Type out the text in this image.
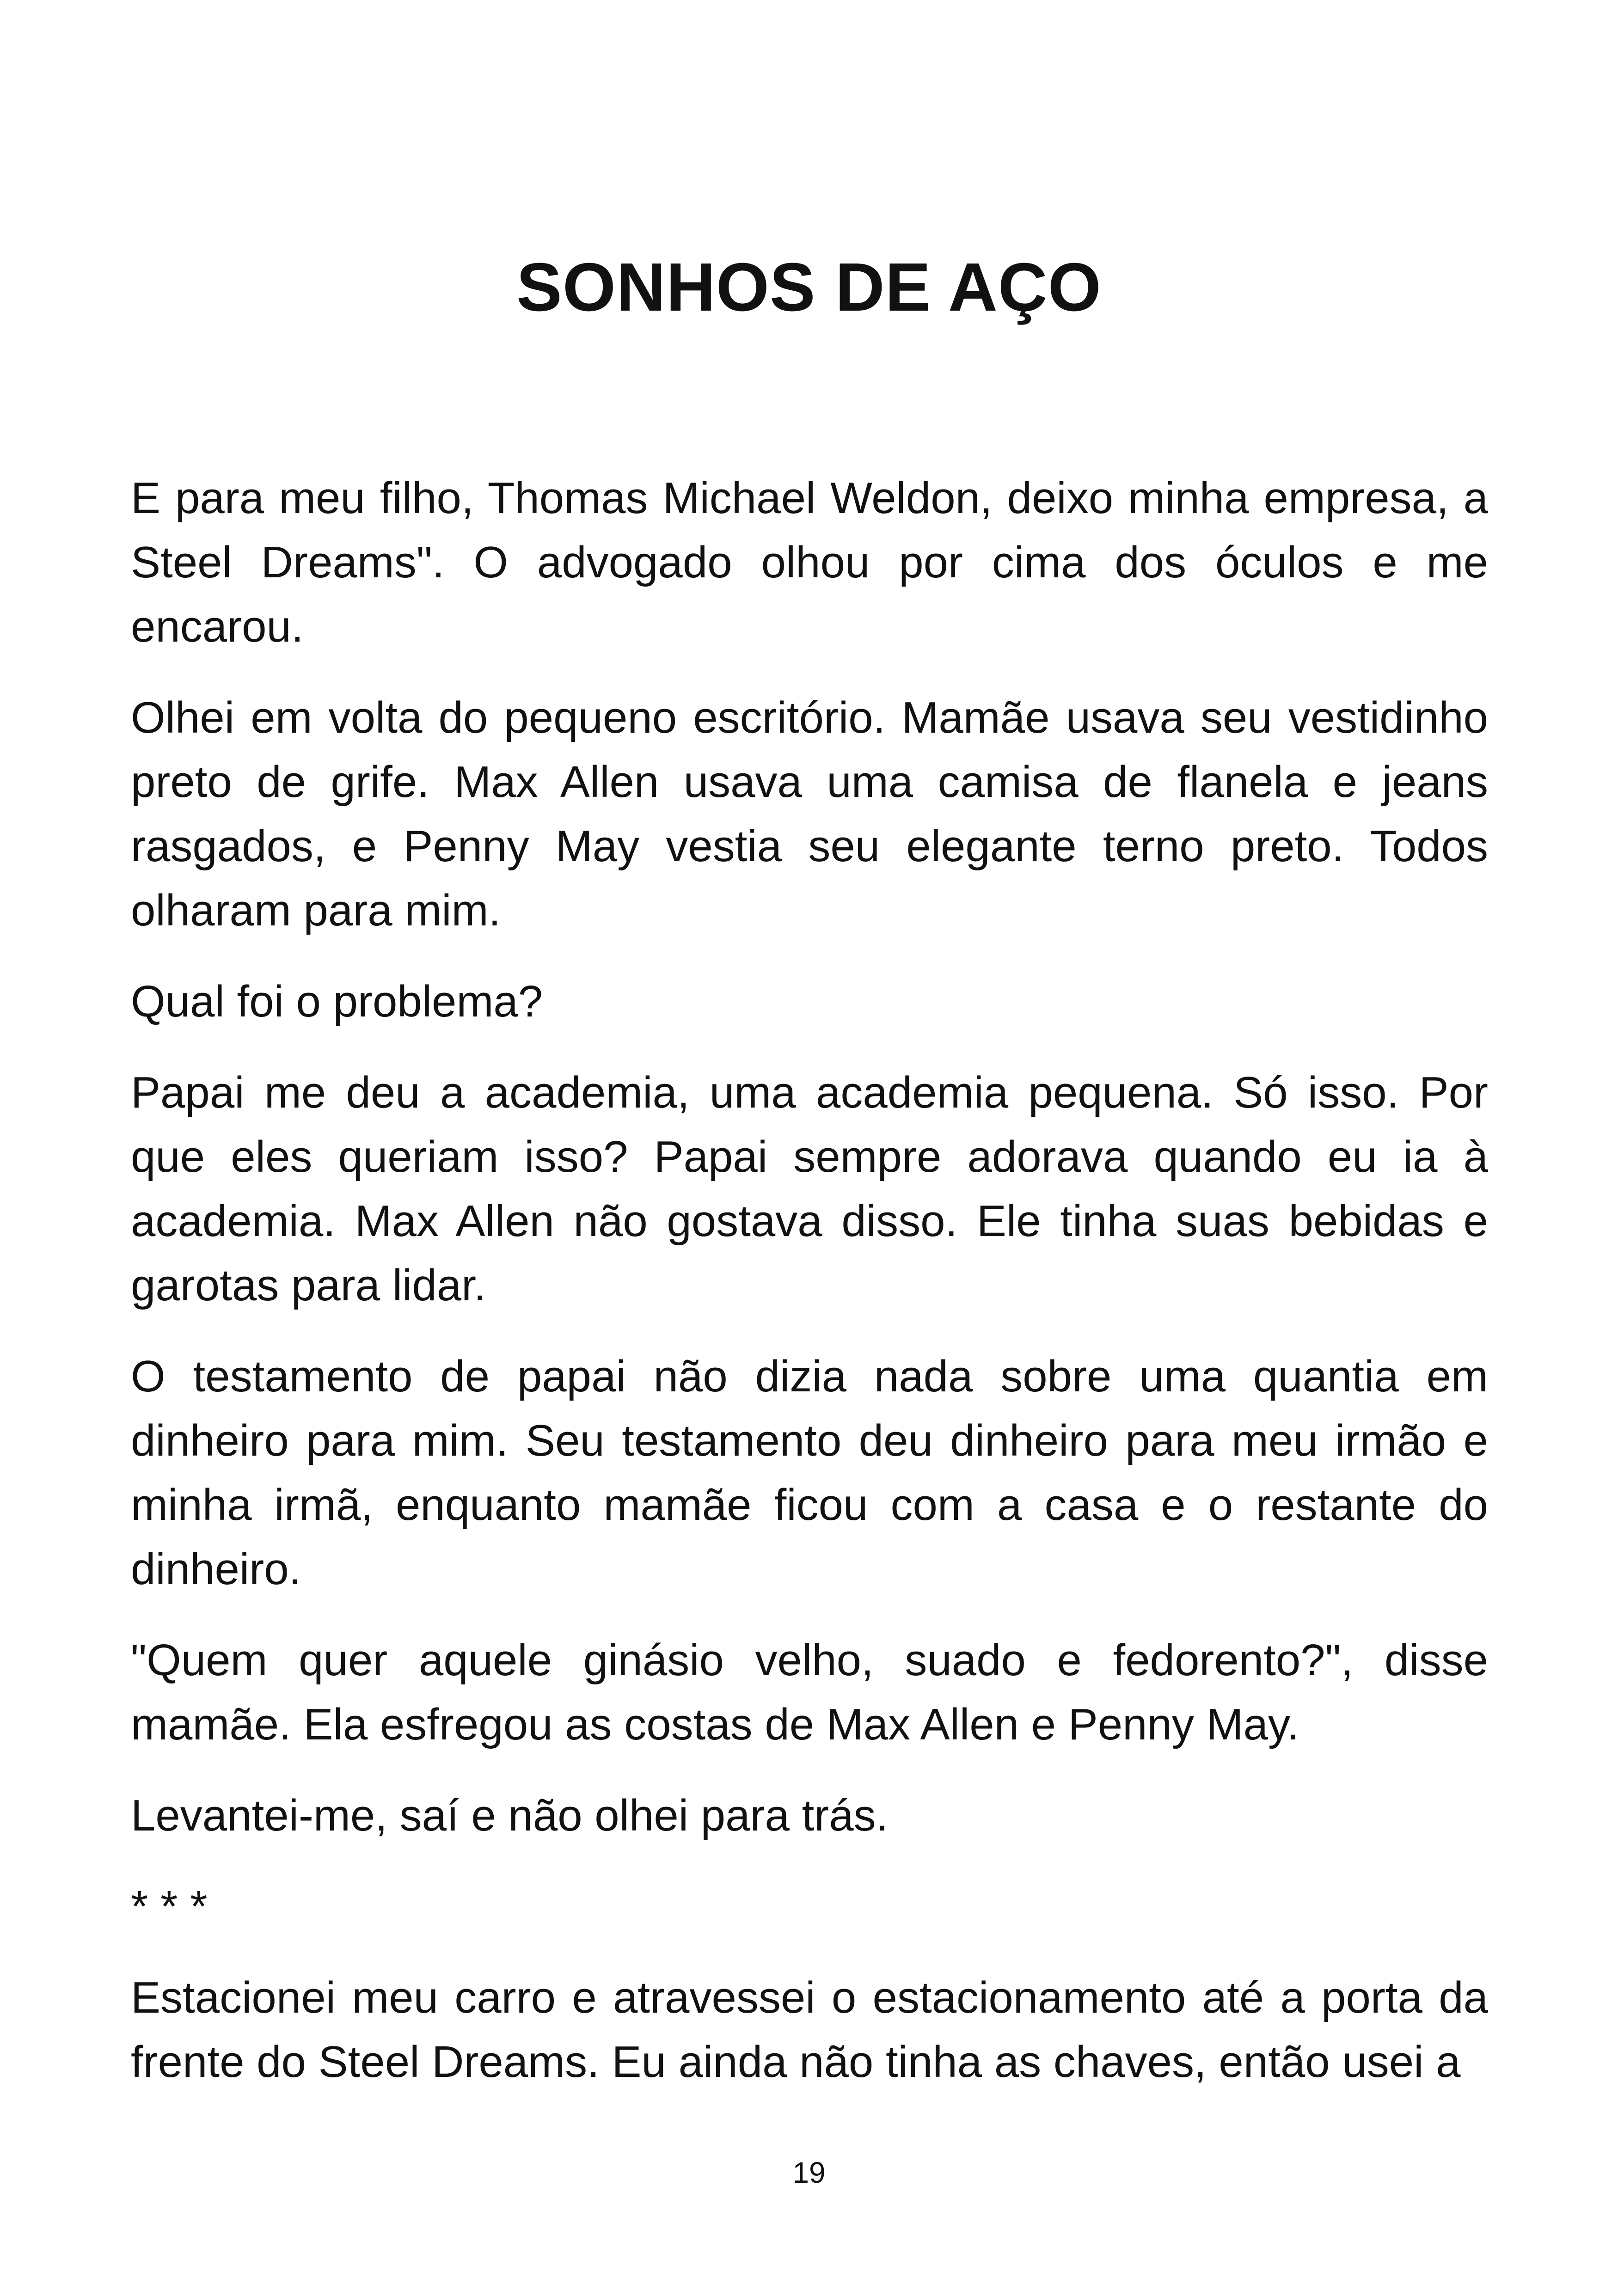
SONHOS DE AÇO

E para meu filho, Thomas Michael Weldon, deixo minha empresa, a Steel Dreams". O advogado olhou por cima dos óculos e me encarou.

Olhei em volta do pequeno escritório. Mamãe usava seu vestidinho preto de grife. Max Allen usava uma camisa de flanela e jeans rasgados, e Penny May vestia seu elegante terno preto. Todos olharam para mim.

Qual foi o problema?

Papai me deu a academia, uma academia pequena. Só isso. Por que eles queriam isso? Papai sempre adorava quando eu ia à academia. Max Allen não gostava disso. Ele tinha suas bebidas e garotas para lidar.

O testamento de papai não dizia nada sobre uma quantia em dinheiro para mim. Seu testamento deu dinheiro para meu irmão e minha irmã, enquanto mamãe ficou com a casa e o restante do dinheiro.

"Quem quer aquele ginásio velho, suado e fedorento?", disse mamãe. Ela esfregou as costas de Max Allen e Penny May.

Levantei-me, saí e não olhei para trás.

* * *

Estacionei meu carro e atravessei o estacionamento até a porta da frente do Steel Dreams. Eu ainda não tinha as chaves, então usei a

19
